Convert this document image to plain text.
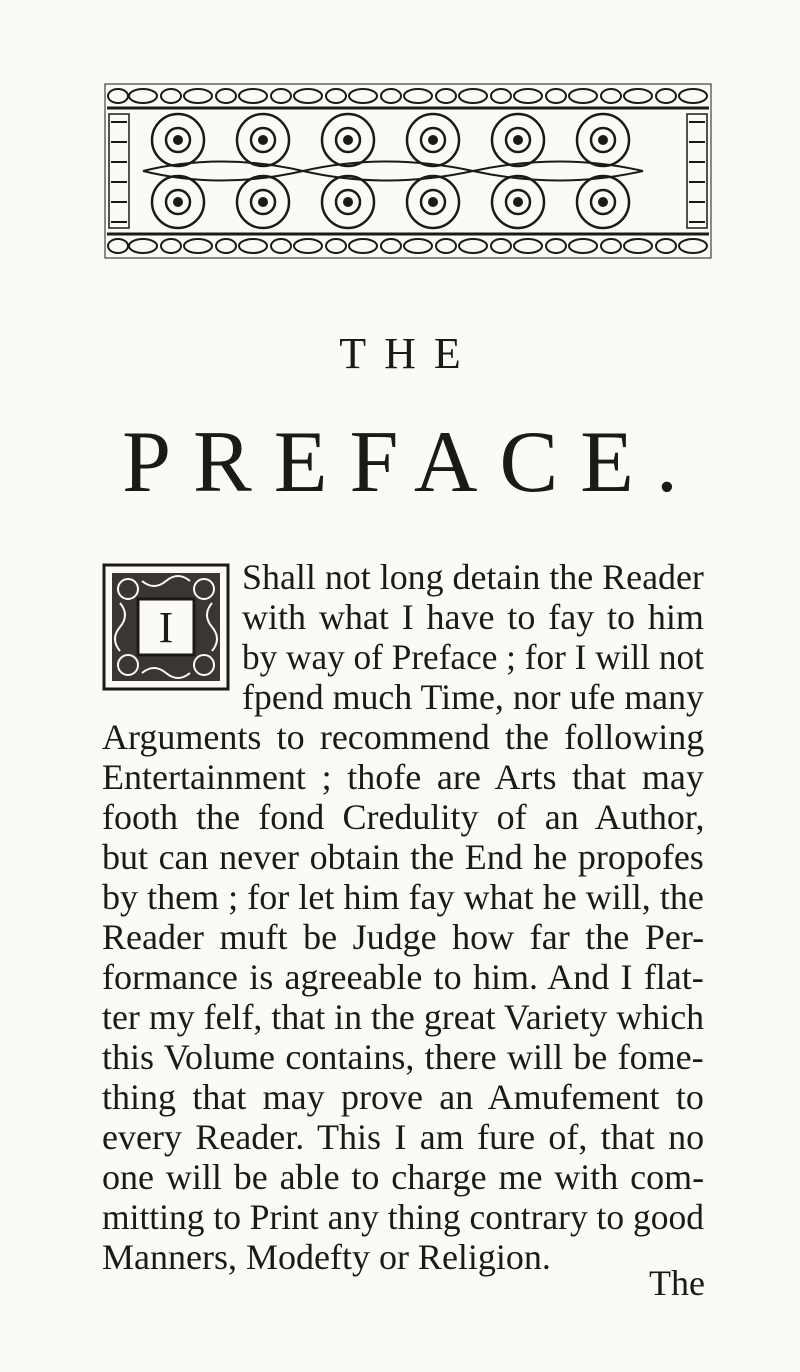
THE
PREFACE.
I
Shall not long detain the Reader
with what I have to fay to him
by way of Preface ; for I will not
fpend much Time, nor ufe many
Arguments to recommend the following
Entertainment ; thofe are Arts that may
footh the fond Credulity of an Author,
but can never obtain the End he propofes
by them ; for let him fay what he will, the
Reader muft be Judge how far the Per-
formance is agreeable to him. And I flat-
ter my felf, that in the great Variety which
this Volume contains, there will be fome-
thing that may prove an Amufement to
every Reader. This I am fure of, that no
one will be able to charge me with com-
mitting to Print any thing contrary to good
Manners, Modefty or Religion.
The
